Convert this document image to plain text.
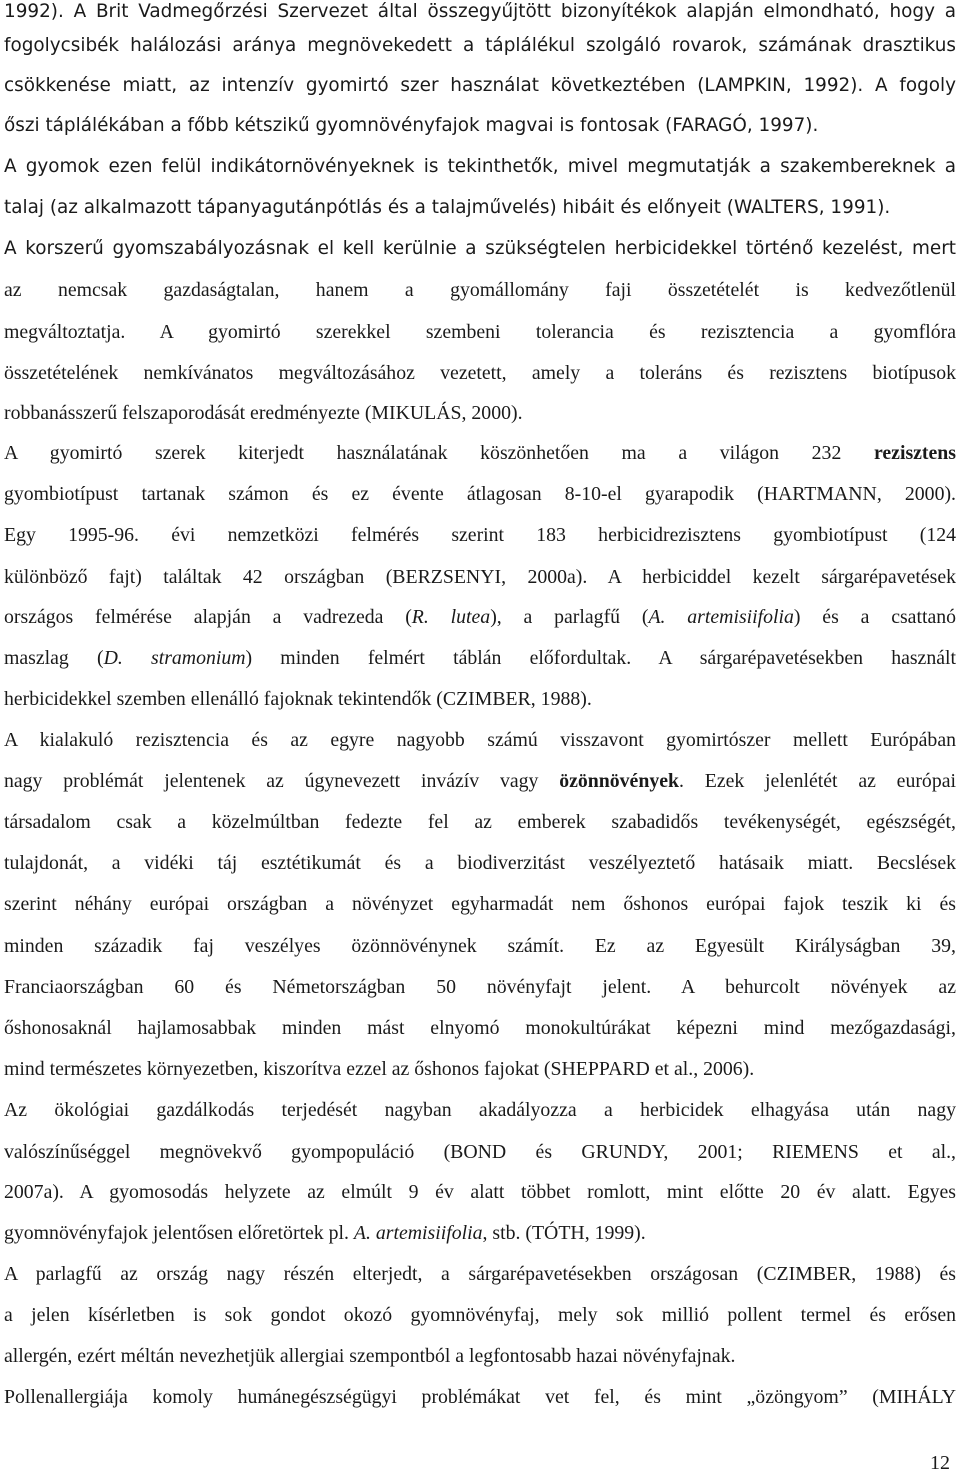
1992). A Brit Vadmegőrzési Szervezet által összegyűjtött bizonyítékok alapján elmondható, hogy a
fogolycsibék halálozási aránya megnövekedett a táplálékul szolgáló rovarok, számának drasztikus
csökkenése miatt, az intenzív gyomirtó szer használat következtében (LAMPKIN, 1992). A fogoly
őszi táplálékában a főbb kétszikű gyomnövényfajok magvai is fontosak (FARAGÓ, 1997).
A gyomok ezen felül indikátornövényeknek is tekinthetők, mivel megmutatják a szakembereknek a
talaj (az alkalmazott tápanyagutánpótlás és a talajművelés) hibáit és előnyeit (WALTERS, 1991).
A korszerű gyomszabályozásnak el kell kerülnie a szükségtelen herbicidekkel történő kezelést, mert
az nemcsak gazdaságtalan, hanem a gyomállomány faji összetételét is kedvezőtlenül
megváltoztatja. A gyomirtó szerekkel szembeni tolerancia és rezisztencia a gyomflóra
összetételének nemkívánatos megváltozásához vezetett, amely a toleráns és rezisztens biotípusok
robbanásszerű felszaporodását eredményezte (MIKULÁS, 2000).
A gyomirtó szerek kiterjedt használatának köszönhetően ma a világon 232 rezisztens
gyombiotípust tartanak számon és ez évente átlagosan 8-10-el gyarapodik (HARTMANN, 2000).
Egy 1995-96. évi nemzetközi felmérés szerint 183 herbicidrezisztens gyombiotípust (124
különböző fajt) találtak 42 országban (BERZSENYI, 2000a). A herbiciddel kezelt sárgarépavetések
országos felmérése alapján a vadrezeda (R. lutea), a parlagfű (A. artemisiifolia) és a csattanó
maszlag (D. stramonium) minden felmért táblán előfordultak. A sárgarépavetésekben használt
herbicidekkel szemben ellenálló fajoknak tekintendők (CZIMBER, 1988).
A kialakuló rezisztencia és az egyre nagyobb számú visszavont gyomirtószer mellett Európában
nagy problémát jelentenek az úgynevezett invázív vagy özönnövények. Ezek jelenlétét az európai
társadalom csak a közelmúltban fedezte fel az emberek szabadidős tevékenységét, egészségét,
tulajdonát, a vidéki táj esztétikumát és a biodiverzitást veszélyeztető hatásaik miatt. Becslések
szerint néhány európai országban a növényzet egyharmadát nem őshonos európai fajok teszik ki és
minden századik faj veszélyes özönnövénynek számít. Ez az Egyesült Királyságban 39,
Franciaországban 60 és Németországban 50 növényfajt jelent. A behurcolt növények az
őshonosaknál hajlamosabbak minden mást elnyomó monokultúrákat képezni mind mezőgazdasági,
mind természetes környezetben, kiszorítva ezzel az őshonos fajokat (SHEPPARD et al., 2006).
Az ökológiai gazdálkodás terjedését nagyban akadályozza a herbicidek elhagyása után nagy
valószínűséggel megnövekvő gyompopuláció (BOND és GRUNDY, 2001; RIEMENS et al.,
2007a). A gyomosodás helyzete az elmúlt 9 év alatt többet romlott, mint előtte 20 év alatt. Egyes
gyomnövényfajok jelentősen előretörtek pl. A. artemisiifolia, stb. (TÓTH, 1999).
A parlagfű az ország nagy részén elterjedt, a sárgarépavetésekben országosan (CZIMBER, 1988) és
a jelen kísérletben is sok gondot okozó gyomnövényfaj, mely sok millió pollent termel és erősen
allergén, ezért méltán nevezhetjük allergiai szempontból a legfontosabb hazai növényfajnak.
Pollenallergiája komoly humánegészségügyi problémákat vet fel, és mint „özöngyom” (MIHÁLY
12
